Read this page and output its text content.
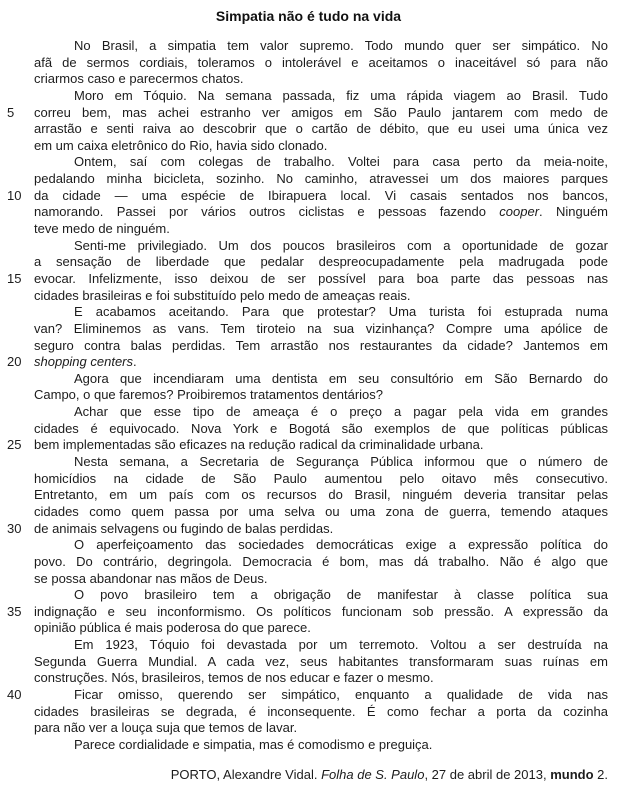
Simpatia não é tudo na vida
No Brasil, a simpatia tem valor supremo. Todo mundo quer ser simpático. No
afã de sermos cordiais, toleramos o intolerável e aceitamos o inaceitável só para não
criarmos caso e parecermos chatos.
Moro em Tóquio. Na semana passada, fiz uma rápida viagem ao Brasil. Tudo
5	correu bem, mas achei estranho ver amigos em São Paulo jantarem com medo de
arrastão e senti raiva ao descobrir que o cartão de débito, que eu usei uma única vez
em um caixa eletrônico do Rio, havia sido clonado.
Ontem, saí com colegas de trabalho. Voltei para casa perto da meia-noite,
pedalando minha bicicleta, sozinho. No caminho, atravessei um dos maiores parques
10 da cidade — uma espécie de Ibirapuera local. Vi casais sentados nos bancos,
namorando. Passei por vários outros ciclistas e pessoas fazendo cooper. Ninguém
teve medo de ninguém.
Senti-me privilegiado. Um dos poucos brasileiros com a oportunidade de gozar
a sensação de liberdade que pedalar despreocupadamente pela madrugada pode
15 evocar. Infelizmente, isso deixou de ser possível para boa parte das pessoas nas
cidades brasileiras e foi substituído pelo medo de ameaças reais.
E acabamos aceitando. Para que protestar? Uma turista foi estuprada numa
van? Eliminemos as vans. Tem tiroteio na sua vizinhança? Compre uma apólice de
seguro contra balas perdidas. Tem arrastão nos restaurantes da cidade? Jantemos em
20 shopping centers.
Agora que incendiaram uma dentista em seu consultório em São Bernardo do
Campo, o que faremos? Proibiremos tratamentos dentários?
Achar que esse tipo de ameaça é o preço a pagar pela vida em grandes
cidades é equivocado. Nova York e Bogotá são exemplos de que políticas públicas
25 bem implementadas são eficazes na redução radical da criminalidade urbana.
Nesta semana, a Secretaria de Segurança Pública informou que o número de
homicídios na cidade de São Paulo aumentou pelo oitavo mês consecutivo.
Entretanto, em um país com os recursos do Brasil, ninguém deveria transitar pelas
cidades como quem passa por uma selva ou uma zona de guerra, temendo ataques
30 de animais selvagens ou fugindo de balas perdidas.
O aperfeiçoamento das sociedades democráticas exige a expressão política do
povo. Do contrário, degringola. Democracia é bom, mas dá trabalho. Não é algo que
se possa abandonar nas mãos de Deus.
O povo brasileiro tem a obrigação de manifestar à classe política sua
35 indignação e seu inconformismo. Os políticos funcionam sob pressão. A expressão da
opinião pública é mais poderosa do que parece.
Em 1923, Tóquio foi devastada por um terremoto. Voltou a ser destruída na
Segunda Guerra Mundial. A cada vez, seus habitantes transformaram suas ruínas em
construções. Nós, brasileiros, temos de nos educar e fazer o mesmo.
40	Ficar omisso, querendo ser simpático, enquanto a qualidade de vida nas
cidades brasileiras se degrada, é inconsequente. É como fechar a porta da cozinha
para não ver a louça suja que temos de lavar.
Parece cordialidade e simpatia, mas é comodismo e preguiça.
PORTO, Alexandre Vidal. Folha de S. Paulo, 27 de abril de 2013, mundo 2.
